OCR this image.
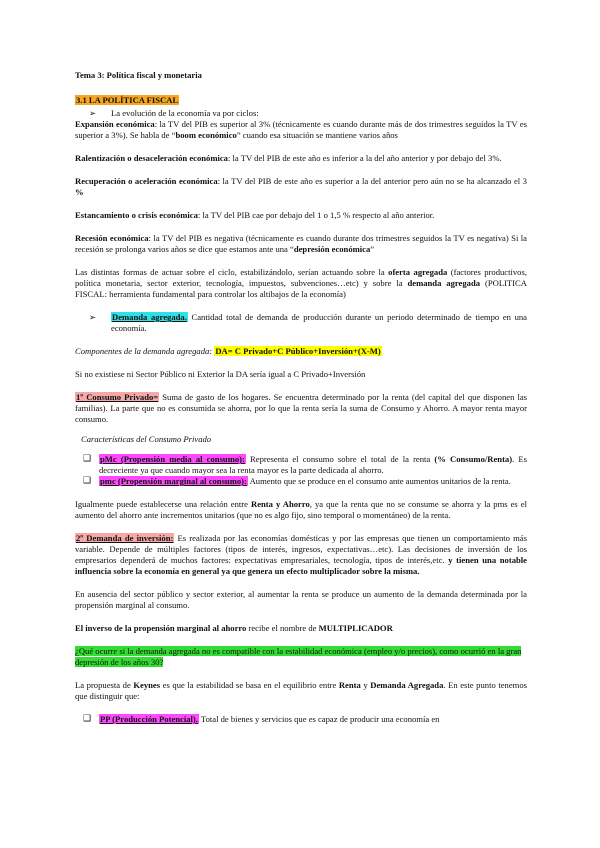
Tema 3: Política fiscal y monetaria

3.1 LA POLÍTICA FISCAL

➢ La evolución de la economía va por ciclos:

Expansión económica: la TV del PIB es superior al 3% (técnicamente es cuando durante más de dos trimestres seguidos la TV es superior a 3%). Se habla de “boom económico” cuando esa situación se mantiene varios años

Ralentización o desaceleración económica: la TV del PIB de este año es inferior a la del año anterior y por debajo del 3%.

Recuperación o aceleración económica: la TV del PIB de este año es superior a la del anterior pero aún no se ha alcanzado el 3 %

Estancamiento o crisis económica: la TV del PIB cae por debajo del 1 o 1,5 % respecto al año anterior.

Recesión económica: la TV del PIB es negativa (técnicamente es cuando durante dos trimestres seguidos la TV es negativa) Si la recesión se prolonga varios años se dice que estamos ante una “depresión económica”

Las distintas formas de actuar sobre el ciclo, estabilizándolo, serían actuando sobre la oferta agregada (factores productivos, política monetaria, sector exterior, tecnología, impuestos, subvenciones…etc) y sobre la demanda agregada (POLITICA FISCAL: herramienta fundamental para controlar los altibajos de la economía)

➢ Demanda agregada. Cantidad total de demanda de producción durante un periodo determinado de tiempo en una economía.

Componentes de la demanda agregada: DA= C Privado+C Público+Inversión+(X-M)

Si no existiese ni Sector Público ni Exterior la DA sería igual a C Privado+Inversión

1º Consumo Privado= Suma de gasto de los hogares. Se encuentra determinado por la renta (del capital del que disponen las familias). La parte que no es consumida se ahorra, por lo que la renta sería la suma de Consumo y Ahorro. A mayor renta mayor consumo.

Características del Consumo Privado

❑ pMc (Propensión media al consumo): Representa el consumo sobre el total de la renta (% Consumo/Renta). Es decreciente ya que cuando mayor sea la renta mayor es la parte dedicada al ahorro.

❑ pmc (Propensión marginal al consumo): Aumento que se produce en el consumo ante aumentos unitarios de la renta.

Igualmente puede establecerse una relación entre Renta y Ahorro, ya que la renta que no se consume se ahorra y la pms es el aumento del ahorro ante incrementos unitarios (que no es algo fijo, sino temporal o momentáneo) de la renta.

2º Demanda de inversión: Es realizada por las economías domésticas y por las empresas que tienen un comportamiento más variable. Depende de múltiples factores (tipos de interés, ingresos, expectativas…etc). Las decisiones de inversión de los empresarios dependerá de muchos factores: expectativas empresariales, tecnología, tipos de interés,etc. y tienen una notable influencia sobre la economía en general ya que genera un efecto multiplicador sobre la misma.

En ausencia del sector público y sector exterior, al aumentar la renta se produce un aumento de la demanda determinada por la propensión marginal al consumo.

El inverso de la propensión marginal al ahorro recibe el nombre de MULTIPLICADOR

¿Qué ocurre si la demanda agregada no es compatible con la estabilidad económica (empleo y/o precios), como ocurrió en la gran depresión de los años 30?

La propuesta de Keynes es que la estabilidad se basa en el equilibrio entre Renta y Demanda Agregada. En este punto tenemos que distinguir que:

❑ PP (Producción Potencial). Total de bienes y servicios que es capaz de producir una economía en
